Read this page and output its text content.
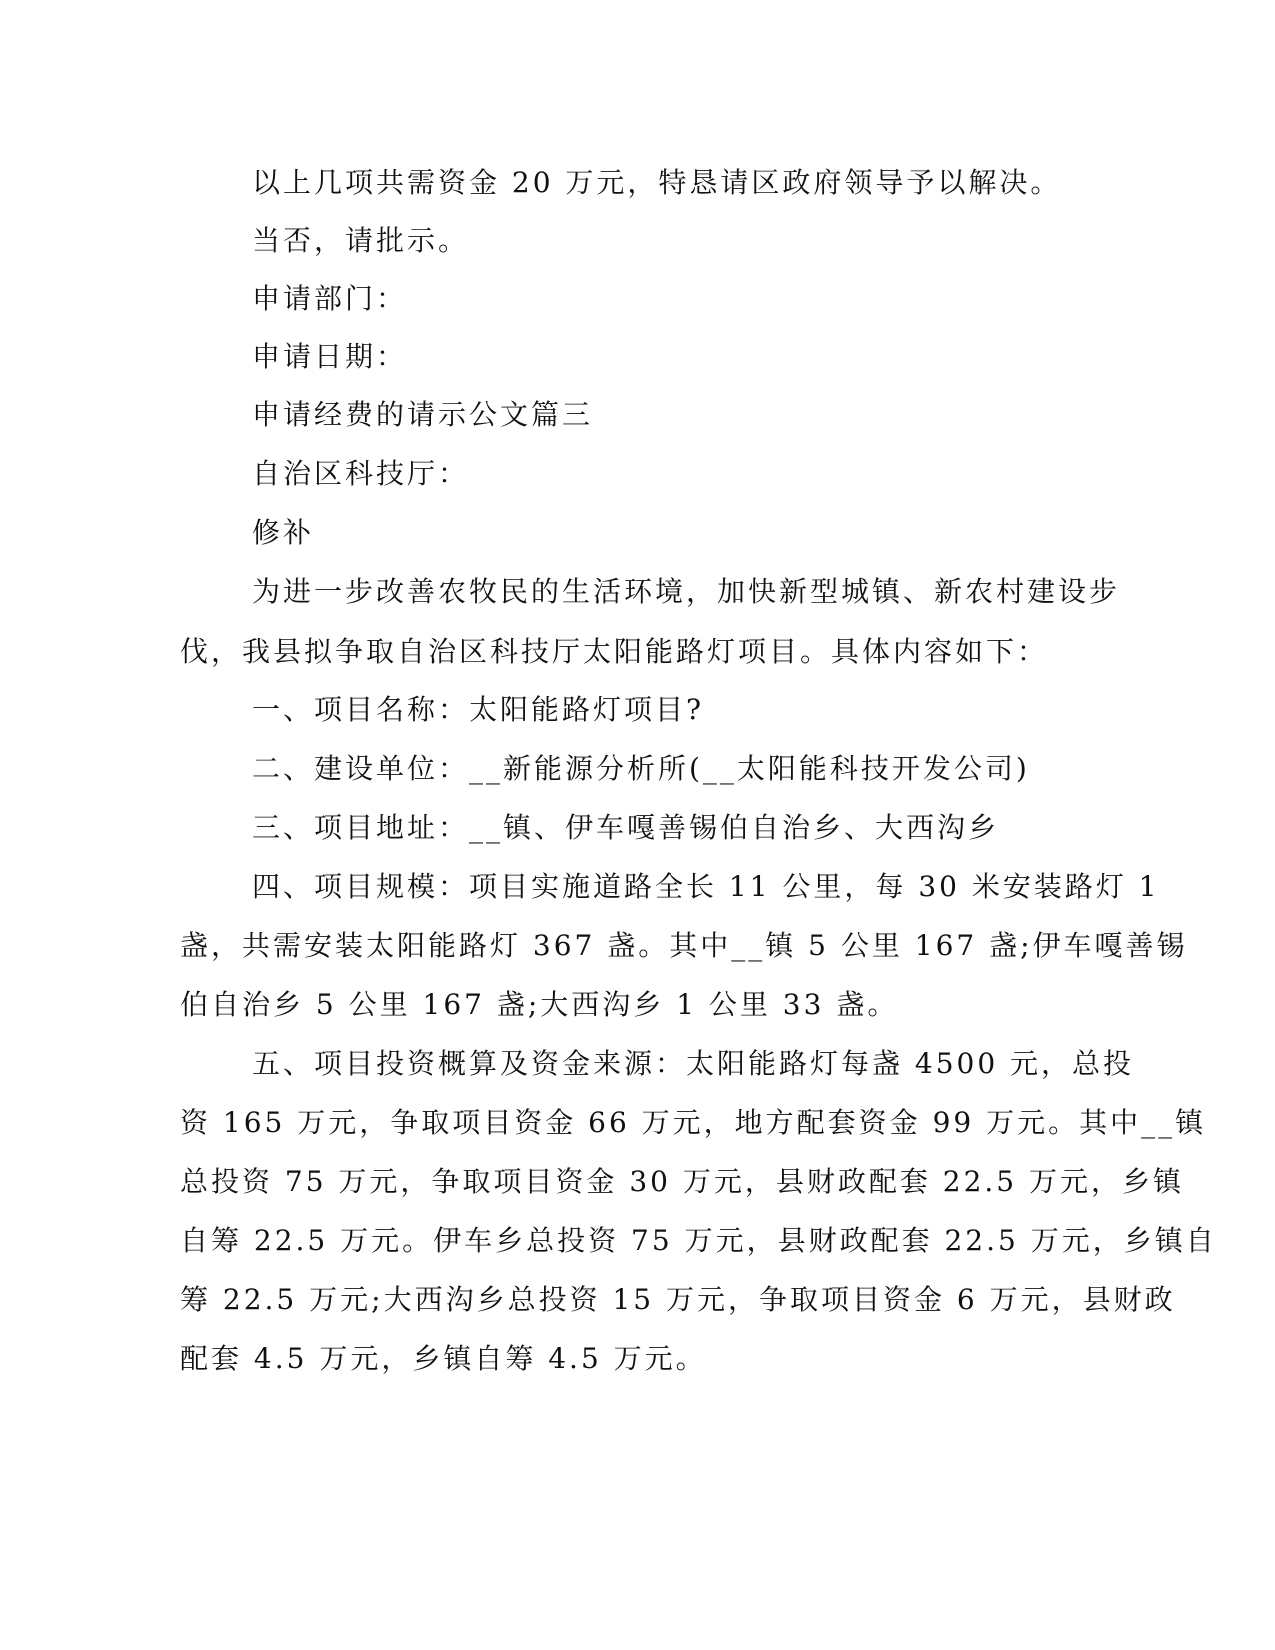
以上几项共需资金 20 万元，特恳请区政府领导予以解决。
当否，请批示。
申请部门：
申请日期：
申请经费的请示公文篇三
自治区科技厅：
修补
为进一步改善农牧民的生活环境，加快新型城镇、新农村建设步
伐，我县拟争取自治区科技厅太阳能路灯项目。具体内容如下：
一、项目名称：太阳能路灯项目?
二、建设单位：__新能源分析所(__太阳能科技开发公司)
三、项目地址：__镇、伊车嘎善锡伯自治乡、大西沟乡
四、项目规模：项目实施道路全长 11 公里，每 30 米安装路灯 1
盏，共需安装太阳能路灯 367 盏。其中__镇 5 公里 167 盏;伊车嘎善锡
伯自治乡 5 公里 167 盏;大西沟乡 1 公里 33 盏。
五、项目投资概算及资金来源：太阳能路灯每盏 4500 元，总投
资 165 万元，争取项目资金 66 万元，地方配套资金 99 万元。其中__镇
总投资 75 万元，争取项目资金 30 万元，县财政配套 22.5 万元，乡镇
自筹 22.5 万元。伊车乡总投资 75 万元，县财政配套 22.5 万元，乡镇自
筹 22.5 万元;大西沟乡总投资 15 万元，争取项目资金 6 万元，县财政
配套 4.5 万元，乡镇自筹 4.5 万元。
